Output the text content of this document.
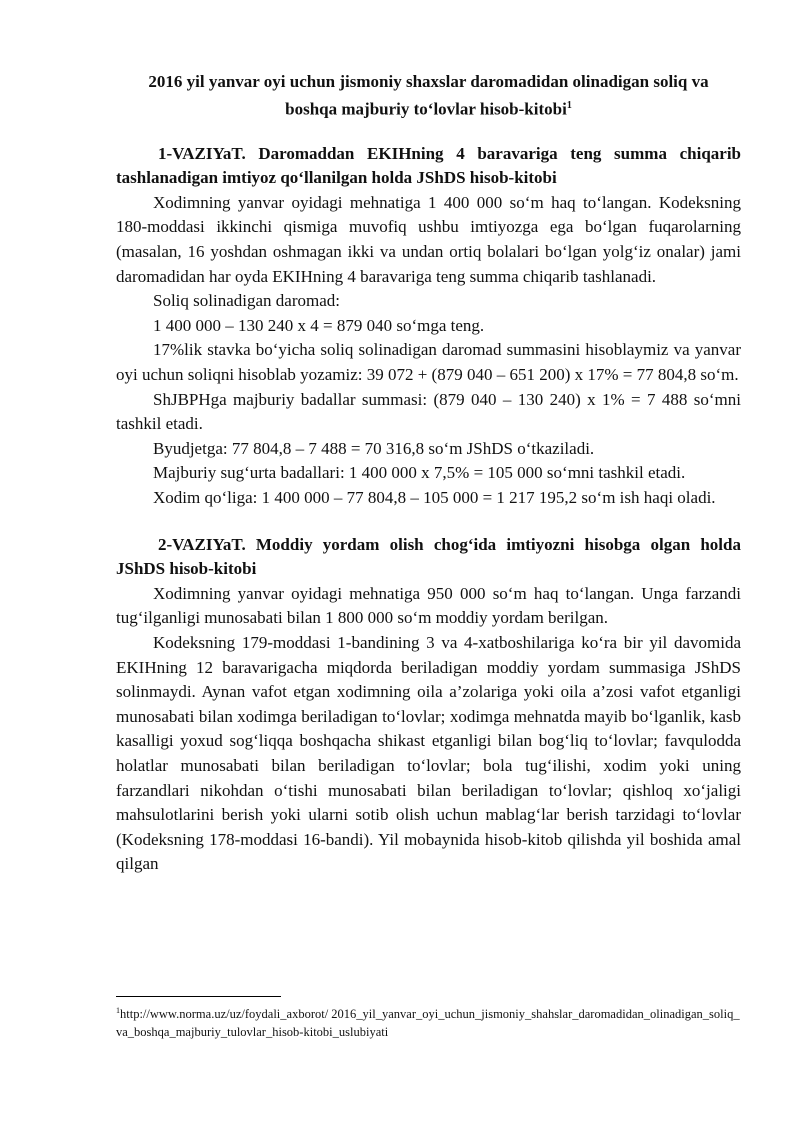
2016 yil yanvar oyi uchun jismoniy shaxslar daromadidan olinadigan soliq va
boshqa majburiy to‘lovlar hisob-kitobi$^1$

1-VAZIYaT. Daromaddan EKIHning 4 baravariga teng summa chiqarib tashlanadigan imtiyoz qo‘llanilgan holda JShDS hisob-kitobi

Xodimning yanvar oyidagi mehnatiga 1 400 000 so‘m haq to‘langan. Kodeksning 180-moddasi ikkinchi qismiga muvofiq ushbu imtiyozga ega bo‘lgan fuqarolarning (masalan, 16 yoshdan oshmagan ikki va undan ortiq bolalari bo‘lgan yolg‘iz onalar) jami daromadidan har oyda EKIHning 4 baravariga teng summa chiqarib tashlanadi.

Soliq solinadigan daromad:

1 400 000 – 130 240 x 4 = 879 040 so‘mga teng.

17%lik stavka bo‘yicha soliq solinadigan daromad summasini hisoblaymiz va yanvar oyi uchun soliqni hisoblab yozamiz: 39 072 + (879 040 – 651 200) x 17% = 77 804,8 so‘m.

ShJBPHga majburiy badallar summasi: (879 040 – 130 240) x 1% = 7 488 so‘mni tashkil etadi.

Byudjetga: 77 804,8 – 7 488 = 70 316,8 so‘m JShDS o‘tkaziladi.

Majburiy sug‘urta badallari: 1 400 000 x 7,5% = 105 000 so‘mni tashkil etadi.

Xodim qo‘liga: 1 400 000 – 77 804,8 – 105 000 = 1 217 195,2 so‘m ish haqi oladi.

2-VAZIYaT. Moddiy yordam olish chog‘ida imtiyozni hisobga olgan holda JShDS hisob-kitobi

Xodimning yanvar oyidagi mehnatiga 950 000 so‘m haq to‘langan. Unga farzandi tug‘ilganligi munosabati bilan 1 800 000 so‘m moddiy yordam berilgan.

Kodeksning 179-moddasi 1-bandining 3 va 4-xatboshilariga ko‘ra bir yil davomida EKIHning 12 baravarigacha miqdorda beriladigan moddiy yordam summasiga JShDS solinmaydi. Aynan vafot etgan xodimning oila a’zolariga yoki oila a’zosi vafot etganligi munosabati bilan xodimga beriladigan to‘lovlar; xodimga mehnatda mayib bo‘lganlik, kasb kasalligi yoxud sog‘liqqa boshqacha shikast etganligi bilan bog‘liq to‘lovlar; favqulodda holatlar munosabati bilan beriladigan to‘lovlar; bola tug‘ilishi, xodim yoki uning farzandlari nikohdan o‘tishi munosabati bilan beriladigan to‘lovlar; qishloq xo‘jaligi mahsulotlarini berish yoki ularni sotib olish uchun mablag‘lar berish tarzidagi to‘lovlar (Kodeksning 178-moddasi 16-bandi). Yil mobaynida hisob-kitob qilishda yil boshida amal qilgan

$^1$http://www.norma.uz/uz/foydali_axborot/ 2016_yil_yanvar_oyi_uchun_jismoniy_shahslar_daromadidan_olinadigan_soliq_va_boshqa_majburiy_tulovlar_hisob-kitobi_uslubiyati
